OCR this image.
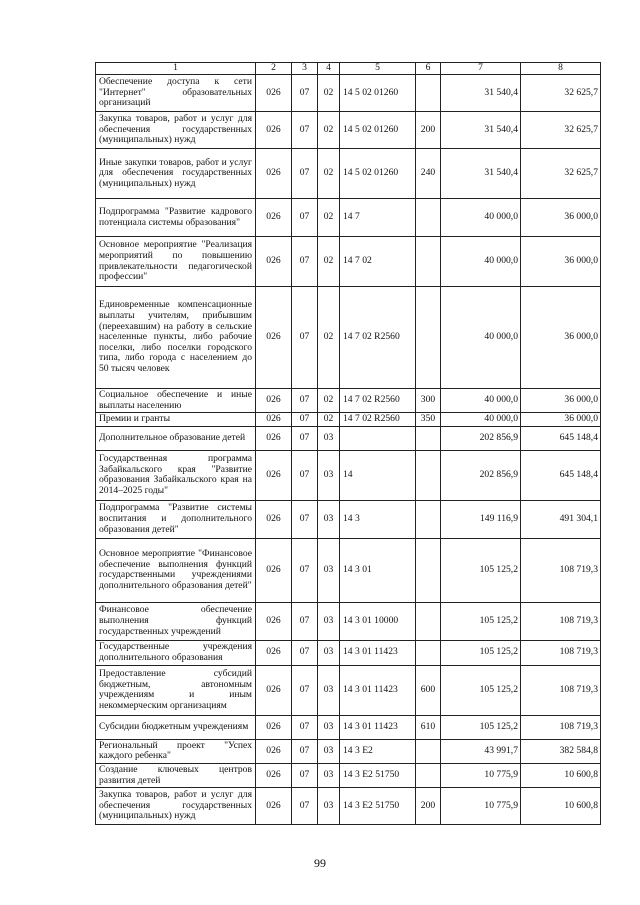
1	2	3	4	5	6	7	8
Обеспечение доступа к сети "Интернет" образовательных организаций	026	07	02	14 5 02 01260		31 540,4	32 625,7
Закупка товаров, работ и услуг для обеспечения государственных (муниципальных) нужд	026	07	02	14 5 02 01260	200	31 540,4	32 625,7
Иные закупки товаров, работ и услуг для обеспечения государственных (муниципальных) нужд	026	07	02	14 5 02 01260	240	31 540,4	32 625,7
Подпрограмма "Развитие кадрового потенциала системы образования"	026	07	02	14 7		40 000,0	36 000,0
Основное мероприятие "Реализация мероприятий по повышению привлекательности педагогической профессии"	026	07	02	14 7 02		40 000,0	36 000,0
Единовременные компенсационные выплаты учителям, прибывшим (переехавшим) на работу в сельские населенные пункты, либо рабочие поселки, либо поселки городского типа, либо города с населением до 50 тысяч человек	026	07	02	14 7 02 R2560		40 000,0	36 000,0
Социальное обеспечение и иные выплаты населению	026	07	02	14 7 02 R2560	300	40 000,0	36 000,0
Премии и гранты	026	07	02	14 7 02 R2560	350	40 000,0	36 000,0
Дополнительное образование детей	026	07	03			202 856,9	645 148,4
Государственная программа Забайкальского края "Развитие образования Забайкальского края на 2014–2025 годы"	026	07	03	14		202 856,9	645 148,4
Подпрограмма "Развитие системы воспитания и дополнительного образования детей"	026	07	03	14 3		149 116,9	491 304,1
Основное мероприятие "Финансовое обеспечение выполнения функций государственными учреждениями дополнительного образования детей"	026	07	03	14 3 01		105 125,2	108 719,3
Финансовое обеспечение выполнения функций государственных учреждений	026	07	03	14 3 01 10000		105 125,2	108 719,3
Государственные учреждения дополнительного образования	026	07	03	14 3 01 11423		105 125,2	108 719,3
Предоставление субсидий бюджетным, автономным учреждениям и иным некоммерческим организациям	026	07	03	14 3 01 11423	600	105 125,2	108 719,3
Субсидии бюджетным учреждениям	026	07	03	14 3 01 11423	610	105 125,2	108 719,3
Региональный проект "Успех каждого ребенка"	026	07	03	14 3 Е2		43 991,7	382 584,8
Создание ключевых центров развития детей	026	07	03	14 3 Е2 51750		10 775,9	10 600,8
Закупка товаров, работ и услуг для обеспечения государственных (муниципальных) нужд	026	07	03	14 3 Е2 51750	200	10 775,9	10 600,8
99
